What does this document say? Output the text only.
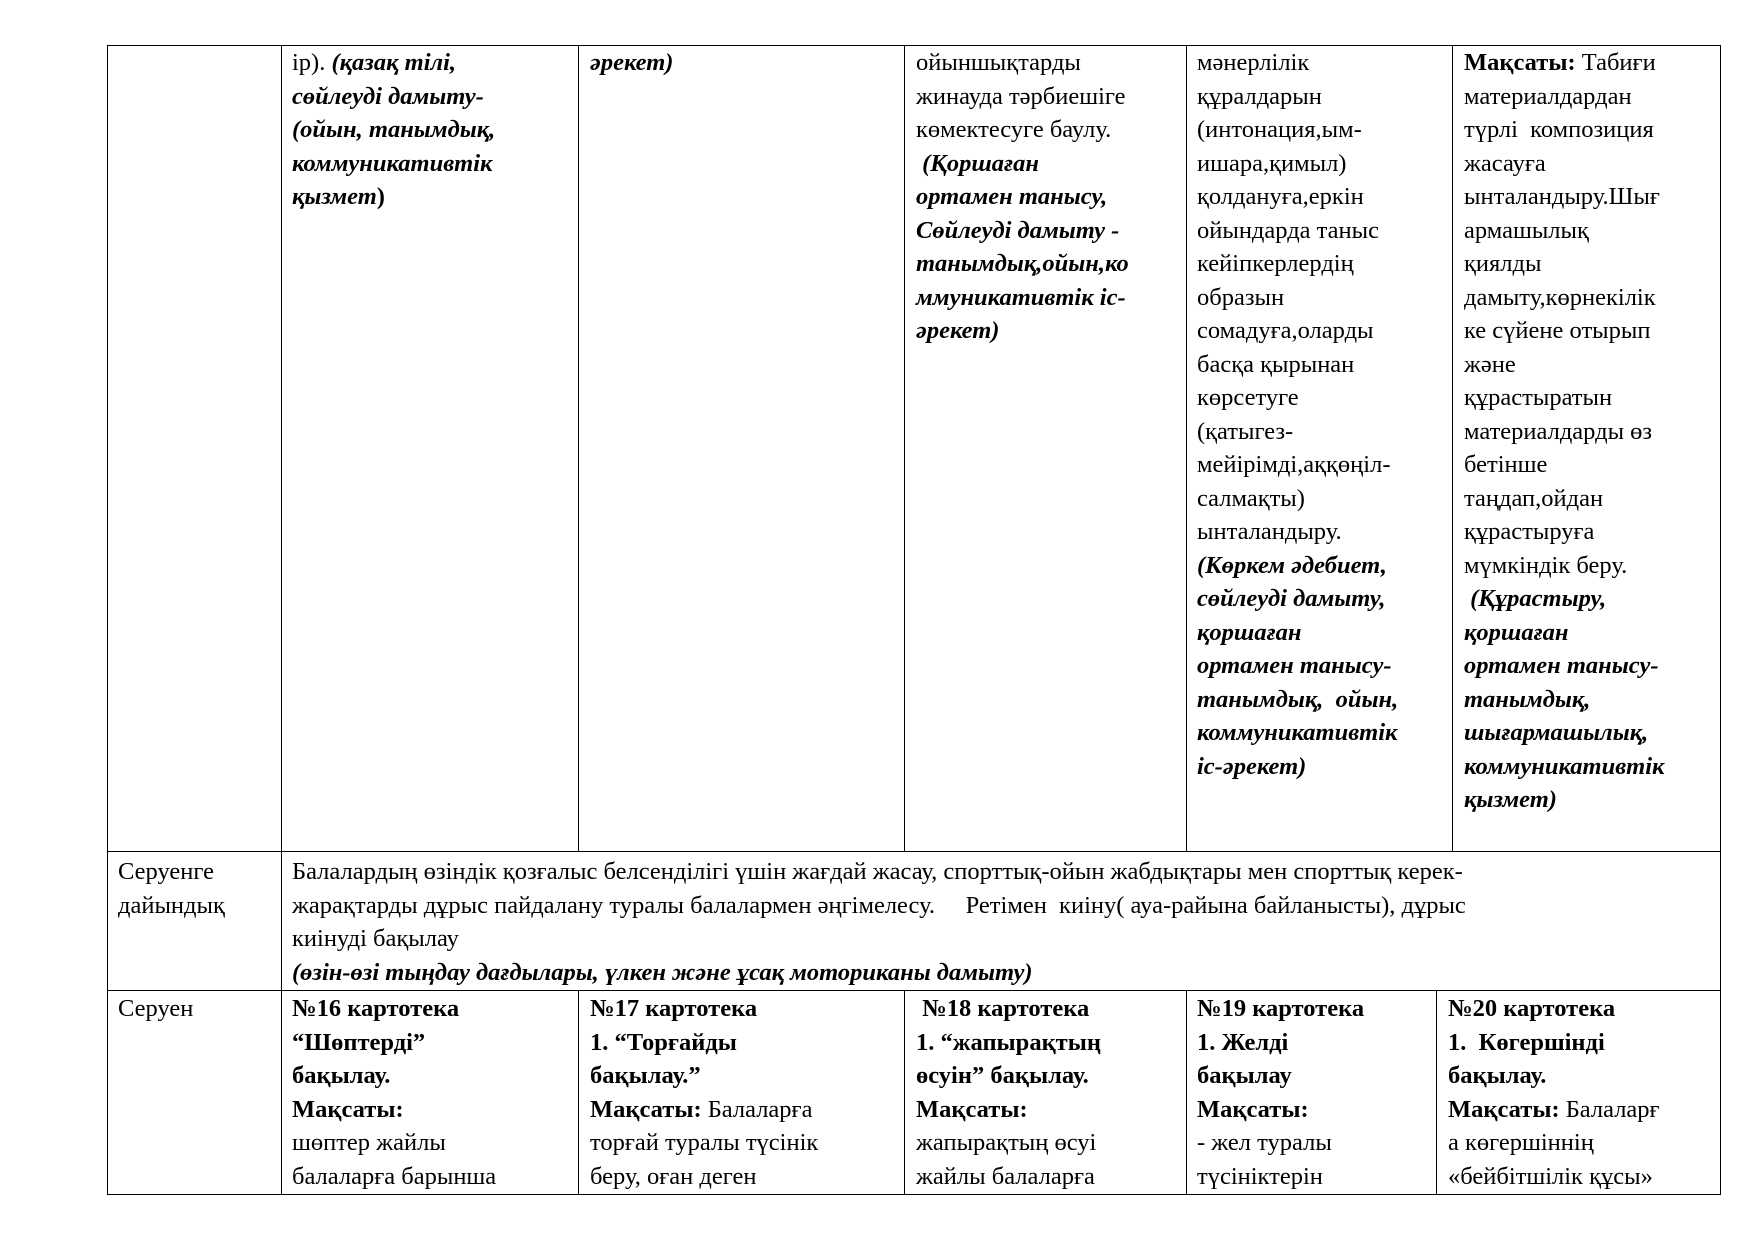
ір). (қазақ тілі,
сөйлеуді дамыту-
(ойын, танымдық,
коммуникативтік
қызмет)
әрекет)	ойыншықтарды
жинауда тәрбиешіге
көмектесуге баулу.
(Қоршаған
ортамен танысу,
Сөйлеуді дамыту -
танымдық,ойын,ко
ммуникативтік іс-
әрекет)
мәнерлілік
құралдарын
(интонация,ым-
ишара,қимыл)
қолдануға,еркін
ойындарда таныс
кейіпкерлердің
образын
сомадуға,оларды
басқа қырынан
көрсетуге
(қатыгез-
мейірімді,аққөңіл-
салмақты)
ынталандыру.
(Көркем әдебиет,
сөйлеуді дамыту,
қоршаған
ортамен танысу-
танымдық,  ойын,
коммуникативтік
іс-әрекет)
Мақсаты: Табиғи
материалдардан
түрлі  композиция
жасауға
ынталандыру.Шығ
армашылық
қиялды
дамыту,көрнекілік
ке сүйене отырып
және
құрастыратын
материалдарды өз
бетінше
таңдап,ойдан
құрастыруға
мүмкіндік беру.
(Құрастыру,
қоршаған
ортамен танысу-
танымдық,
шығармашылық,
коммуникативтік
қызмет)
Серуенге
дайындық
Балалардың өзіндік қозғалыс белсенділігі үшін жағдай жасау, спорттық-ойын жабдықтары мен спорттық керек-
жарақтарды дұрыс пайдалану туралы балалармен әңгімелесу.     Ретімен  киіну( ауа-райына байланысты), дұрыс
киінуді бақылау
(өзін-өзі тыңдау дағдылары, үлкен және ұсақ моториканы дамыту)
Серуен	№16 картотека
“Шөптерді”
бақылау.
Мақсаты:
шөптер жайлы
балаларға барынша
№17 картотека
1. “Торғайды
бақылау.”
Мақсаты: Балаларға
торғай туралы түсінік
беру, оған деген
№18 картотека
1. “жапырақтың
өсуін” бақылау.
Мақсаты:
жапырақтың өсуі
жайлы балаларға
№19 картотека
1. Желді
бақылау
Мақсаты:
- жел туралы
түсініктерін
№20 картотека
1.  Көгершінді
бақылау.
Мақсаты: Балаларғ
а көгершіннің
«бейбітшілік құсы»
